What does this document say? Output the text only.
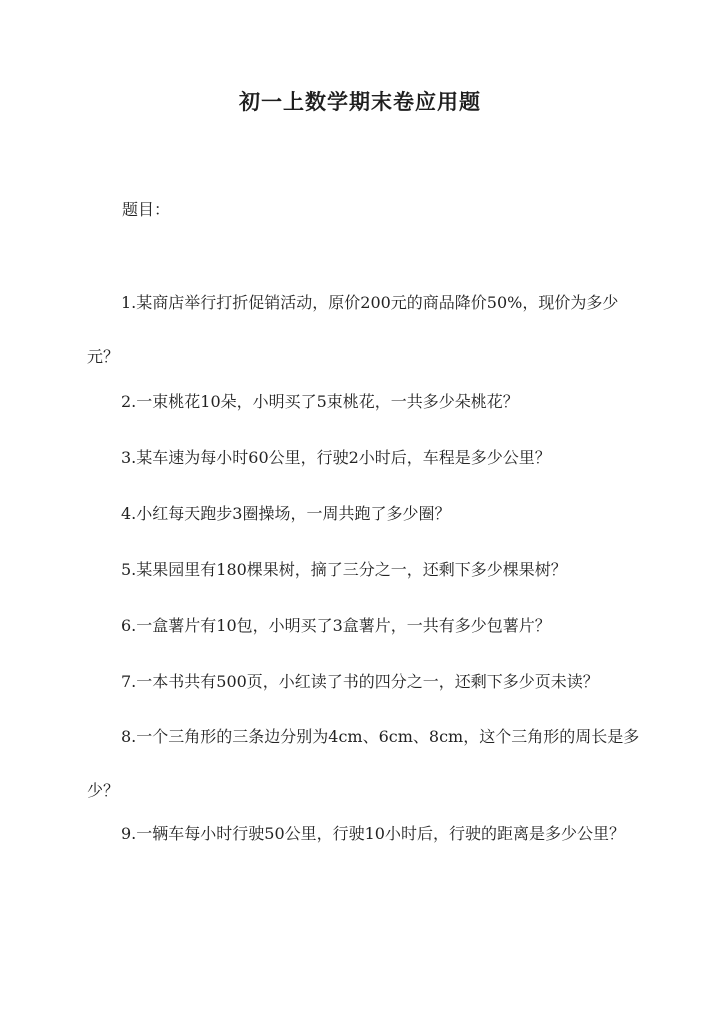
初一上数学期末卷应用题
题目：

1.某商店举行打折促销活动，原价200元的商品降价50%，现价为多少元？

2.一束桃花10朵，小明买了5束桃花，一共多少朵桃花？

3.某车速为每小时60公里，行驶2小时后，车程是多少公里？

4.小红每天跑步3圈操场，一周共跑了多少圈？

5.某果园里有180棵果树，摘了三分之一，还剩下多少棵果树？

6.一盒薯片有10包，小明买了3盒薯片，一共有多少包薯片？

7.一本书共有500页，小红读了书的四分之一，还剩下多少页未读？

8.一个三角形的三条边分别为4cm、6cm、8cm，这个三角形的周长是多少？

9.一辆车每小时行驶50公里，行驶10小时后，行驶的距离是多少公里？
